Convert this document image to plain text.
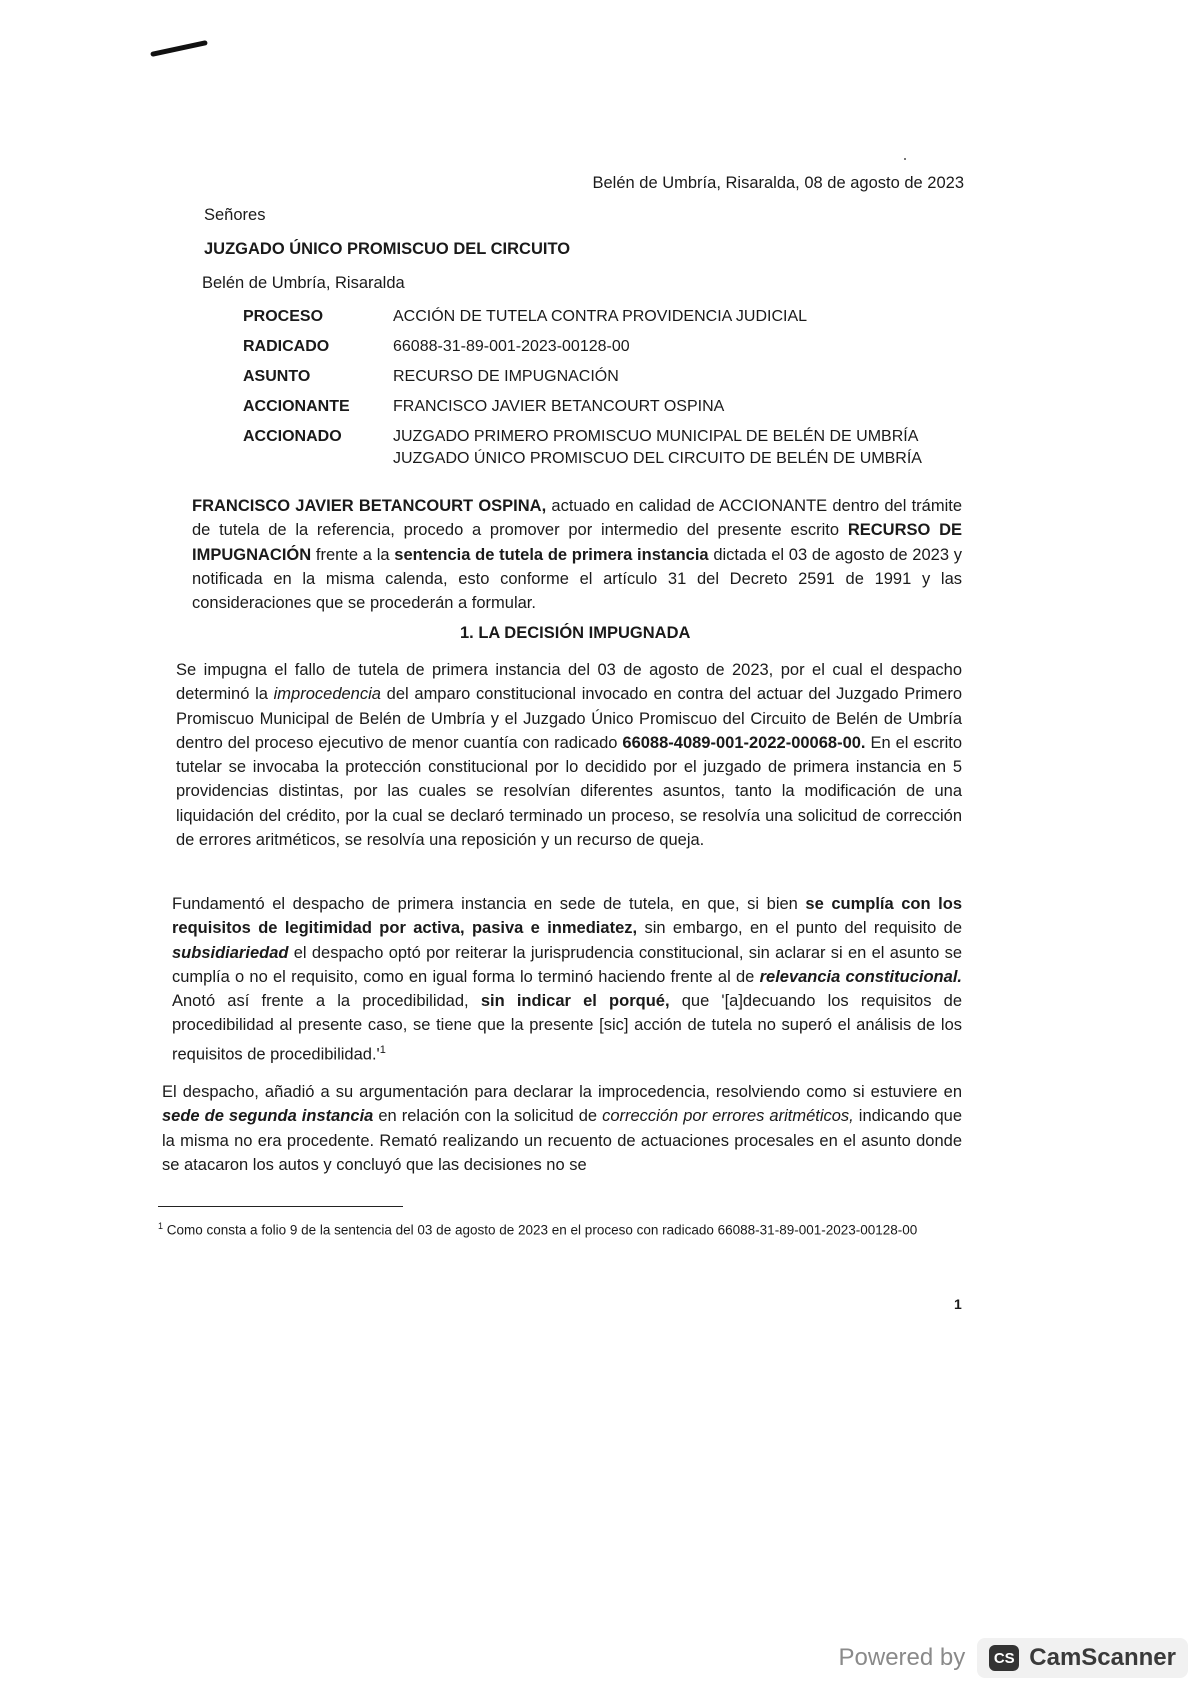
Belén de Umbría, Risaralda, 08 de agosto de 2023
Señores
JUZGADO ÚNICO PROMISCUO DEL CIRCUITO
Belén de Umbría, Risaralda
PROCESO	ACCIÓN DE TUTELA CONTRA PROVIDENCIA JUDICIAL
RADICADO	66088-31-89-001-2023-00128-00
ASUNTO	RECURSO DE IMPUGNACIÓN
ACCIONANTE	FRANCISCO JAVIER BETANCOURT OSPINA
ACCIONADO	JUZGADO PRIMERO PROMISCUO MUNICIPAL DE BELÉN DE UMBRÍA
JUZGADO ÚNICO PROMISCUO DEL CIRCUITO DE BELÉN DE UMBRÍA

FRANCISCO JAVIER BETANCOURT OSPINA, actuado en calidad de ACCIONANTE dentro del trámite de tutela de la referencia, procedo a promover por intermedio del presente escrito RECURSO DE IMPUGNACIÓN frente a la sentencia de tutela de primera instancia dictada el 03 de agosto de 2023 y notificada en la misma calenda, esto conforme el artículo 31 del Decreto 2591 de 1991 y las consideraciones que se procederán a formular.

1. LA DECISIÓN IMPUGNADA

Se impugna el fallo de tutela de primera instancia del 03 de agosto de 2023, por el cual el despacho determinó la improcedencia del amparo constitucional invocado en contra del actuar del Juzgado Primero Promiscuo Municipal de Belén de Umbría y el Juzgado Único Promiscuo del Circuito de Belén de Umbría dentro del proceso ejecutivo de menor cuantía con radicado 66088-4089-001-2022-00068-00. En el escrito tutelar se invocaba la protección constitucional por lo decidido por el juzgado de primera instancia en 5 providencias distintas, por las cuales se resolvían diferentes asuntos, tanto la modificación de una liquidación del crédito, por la cual se declaró terminado un proceso, se resolvía una solicitud de corrección de errores aritméticos, se resolvía una reposición y un recurso de queja.

Fundamentó el despacho de primera instancia en sede de tutela, en que, si bien se cumplía con los requisitos de legitimidad por activa, pasiva e inmediatez, sin embargo, en el punto del requisito de subsidiariedad el despacho optó por reiterar la jurisprudencia constitucional, sin aclarar si en el asunto se cumplía o no el requisito, como en igual forma lo terminó haciendo frente al de relevancia constitucional. Anotó así frente a la procedibilidad, sin indicar el porqué, que '[a]decuando los requisitos de procedibilidad al presente caso, se tiene que la presente [sic] acción de tutela no superó el análisis de los requisitos de $procedibilidad.'^1$

El despacho, añadió a su argumentación para declarar la improcedencia, resolviendo como si estuviere en sede de segunda instancia en relación con la solicitud de corrección por errores aritméticos, indicando que la misma no era procedente. Remató realizando un recuento de actuaciones procesales en el asunto donde se atacaron los autos y concluyó que las decisiones no se

$^1$ Como consta a folio 9 de la sentencia del 03 de agosto de 2023 en el proceso con radicado 66088-31-89-001-2023-00128-00

1
Powered by	CS CamScanner
